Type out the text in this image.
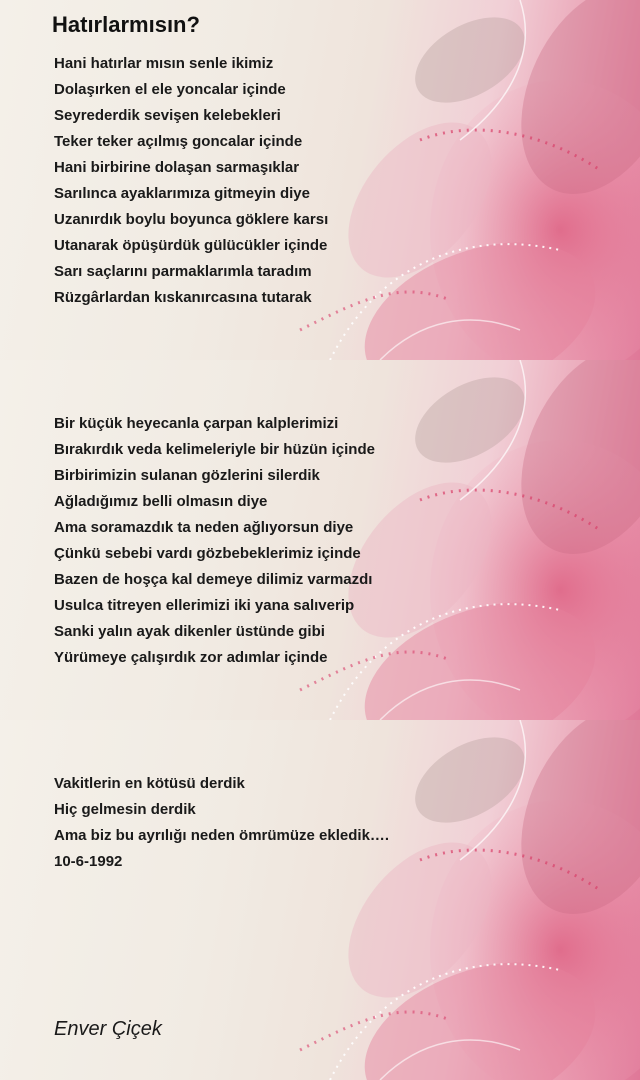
Hatırlarmısın?
Hani hatırlar mısın senle ikimiz
Dolaşırken el ele yoncalar içinde
Seyrederdik sevişen kelebekleri
Teker teker açılmış goncalar içinde
Hani birbirine dolaşan sarmaşıklar
Sarılınca ayaklarımıza gitmeyin diye
Uzanırdık boylu boyunca göklere karsı
Utanarak öpüşürdük gülücükler içinde
Sarı saçlarını parmaklarımla taradım
Rüzgârlardan kıskanırcasına tutarak
Bir küçük heyecanla çarpan kalplerimizi
Bırakırdık veda kelimeleriyle bir hüzün içinde
Birbirimizin sulanan gözlerini silerdik
Ağladığımız belli olmasın diye
Ama soramazdık ta neden ağlıyorsun diye
Çünkü sebebi vardı gözbebeklerimiz içinde
Bazen de hoşça kal demeye dilimiz varmazdı
Usulca titreyen ellerimizi iki yana salıverip
Sanki yalın ayak dikenler üstünde gibi
Yürümeye çalışırdık zor adımlar içinde
Vakitlerin en kötüsü derdik
Hiç gelmesin derdik
Ama biz bu ayrılığı neden ömrümüze ekledik….
10-6-1992
Enver Çiçek
